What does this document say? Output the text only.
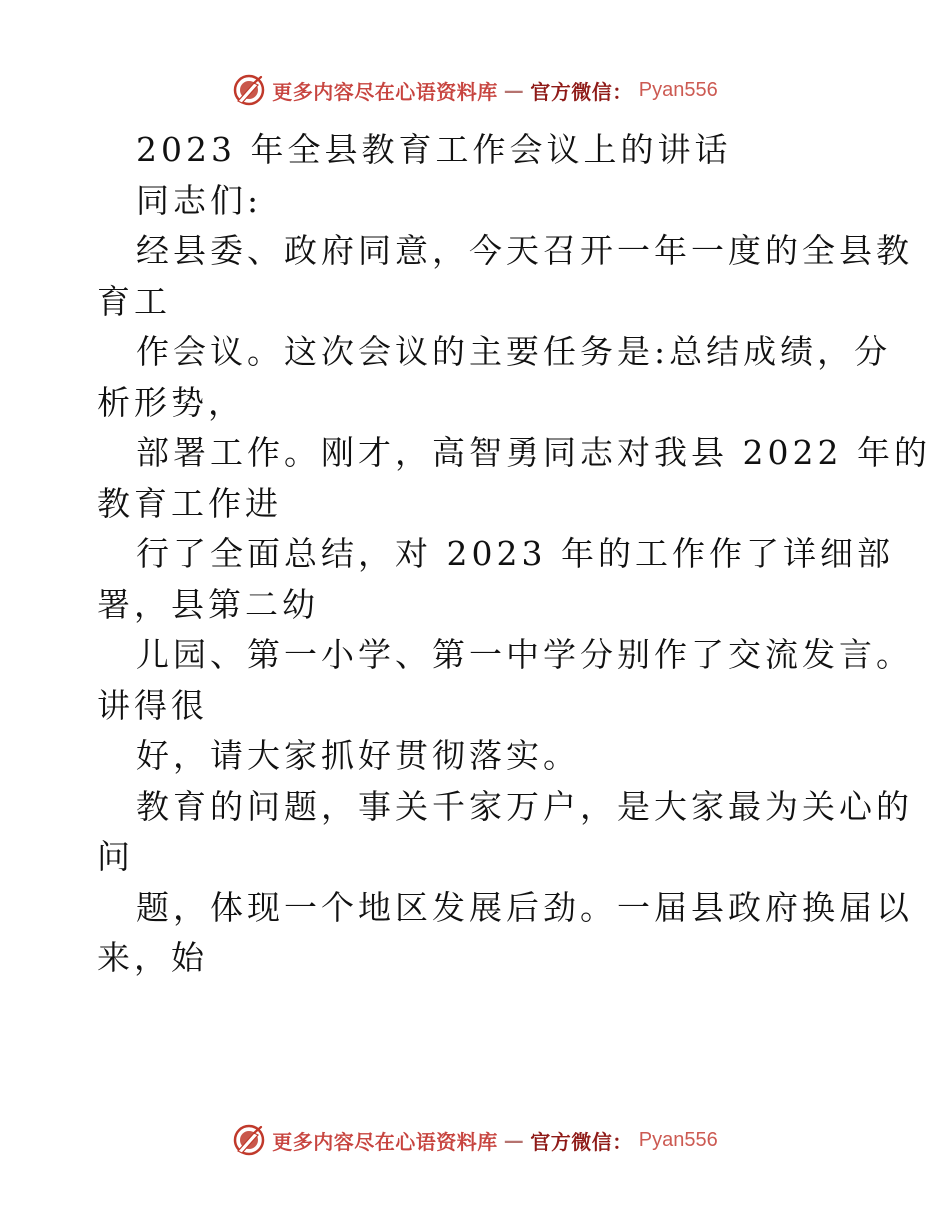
更多内容尽在心语资料库 — 官方微信： Pyan556

2023 年全县教育工作会议上的讲话

同志们:

经县委、政府同意，今天召开一年一度的全县教

育工

作会议。这次会议的主要任务是:总结成绩，分

析形势，

部署工作。刚才，高智勇同志对我县 2022 年的

教育工作进

行了全面总结，对 2023 年的工作作了详细部

署，县第二幼

儿园、第一小学、第一中学分别作了交流发言。

讲得很

好，请大家抓好贯彻落实。

教育的问题，事关千家万户，是大家最为关心的

问

题，体现一个地区发展后劲。一届县政府换届以

来，始

更多内容尽在心语资料库 — 官方微信： Pyan556
